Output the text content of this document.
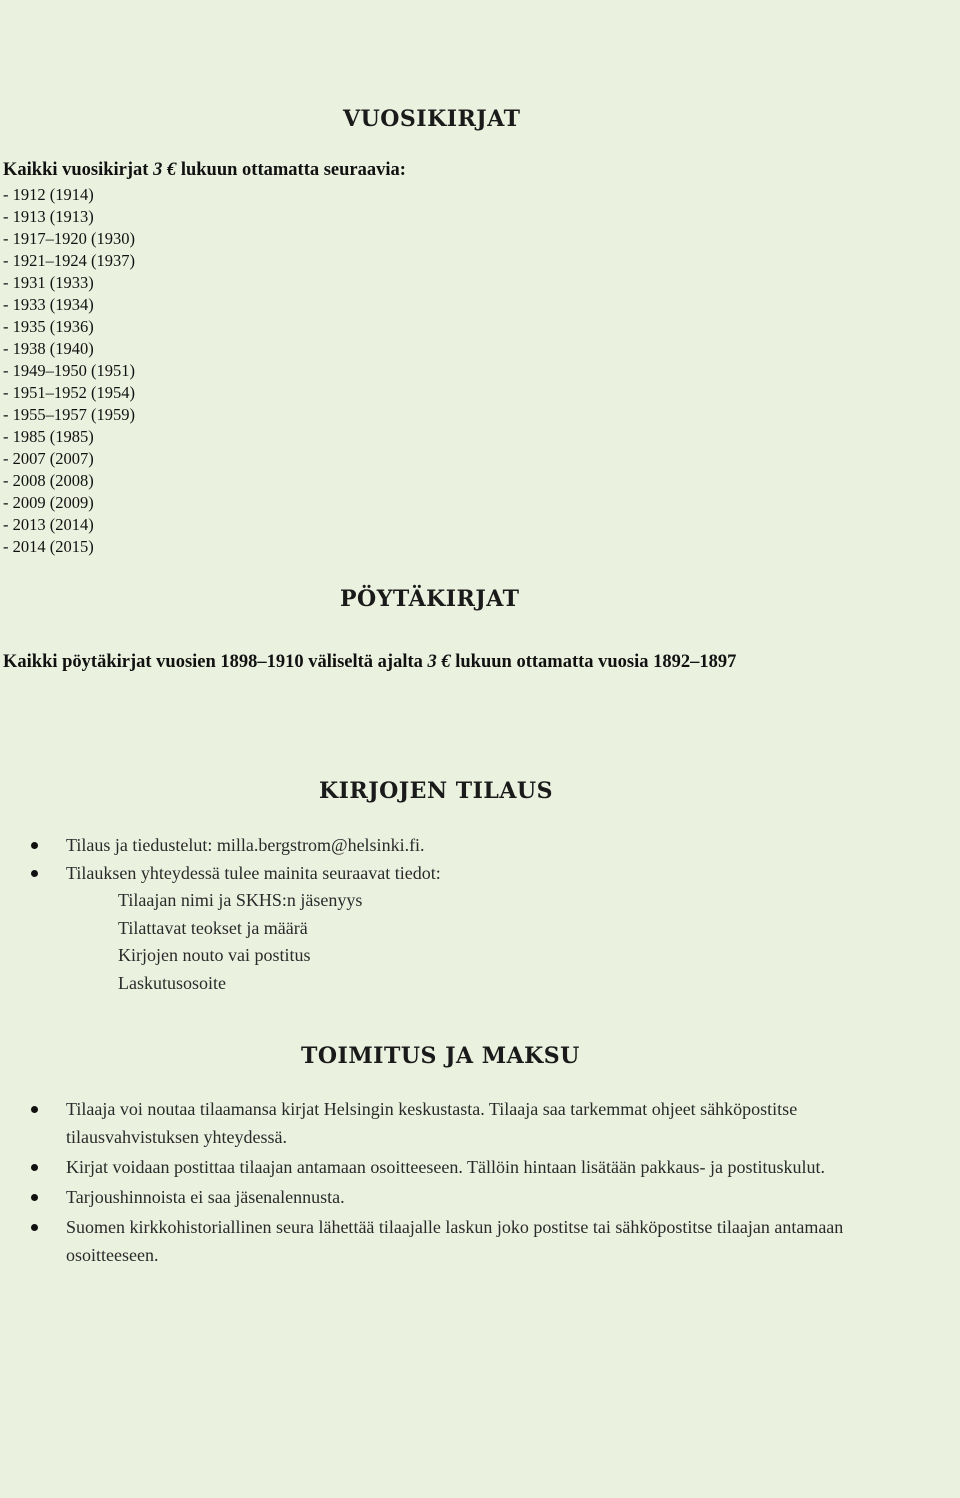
VUOSIKIRJAT

Kaikki vuosikirjat 3 € lukuun ottamatta seuraavia:

- 1912 (1914)
- 1913 (1913)
- 1917–1920 (1930)
- 1921–1924 (1937)
- 1931 (1933)
- 1933 (1934)
- 1935 (1936)
- 1938 (1940)
- 1949–1950 (1951)
- 1951–1952 (1954)
- 1955–1957 (1959)
- 1985 (1985)
- 2007 (2007)
- 2008 (2008)
- 2009 (2009)
- 2013 (2014)
- 2014 (2015)
PÖYTÄKIRJAT

Kaikki pöytäkirjat vuosien 1898–1910 väliseltä ajalta 3 € lukuun ottamatta vuosia 1892–1897

KIRJOJEN TILAUS
Tilaus ja tiedustelut: milla.bergstrom@helsinki.fi.
Tilauksen yhteydessä tulee mainita seuraavat tiedot:
Tilaajan nimi ja SKHS:n jäsenyys
Tilattavat teokset ja määrä
Kirjojen nouto vai postitus
Laskutusosoite
TOIMITUS JA MAKSU
Tilaaja voi noutaa tilaamansa kirjat Helsingin keskustasta. Tilaaja saa tarkemmat ohjeet sähköpostitse tilausvahvistuksen yhteydessä.
Kirjat voidaan postittaa tilaajan antamaan osoitteeseen. Tällöin hintaan lisätään pakkaus- ja postituskulut.
Tarjoushinnoista ei saa jäsenalennusta.
Suomen kirkkohistoriallinen seura lähettää tilaajalle laskun joko postitse tai sähköpostitse tilaajan antamaan osoitteeseen.
